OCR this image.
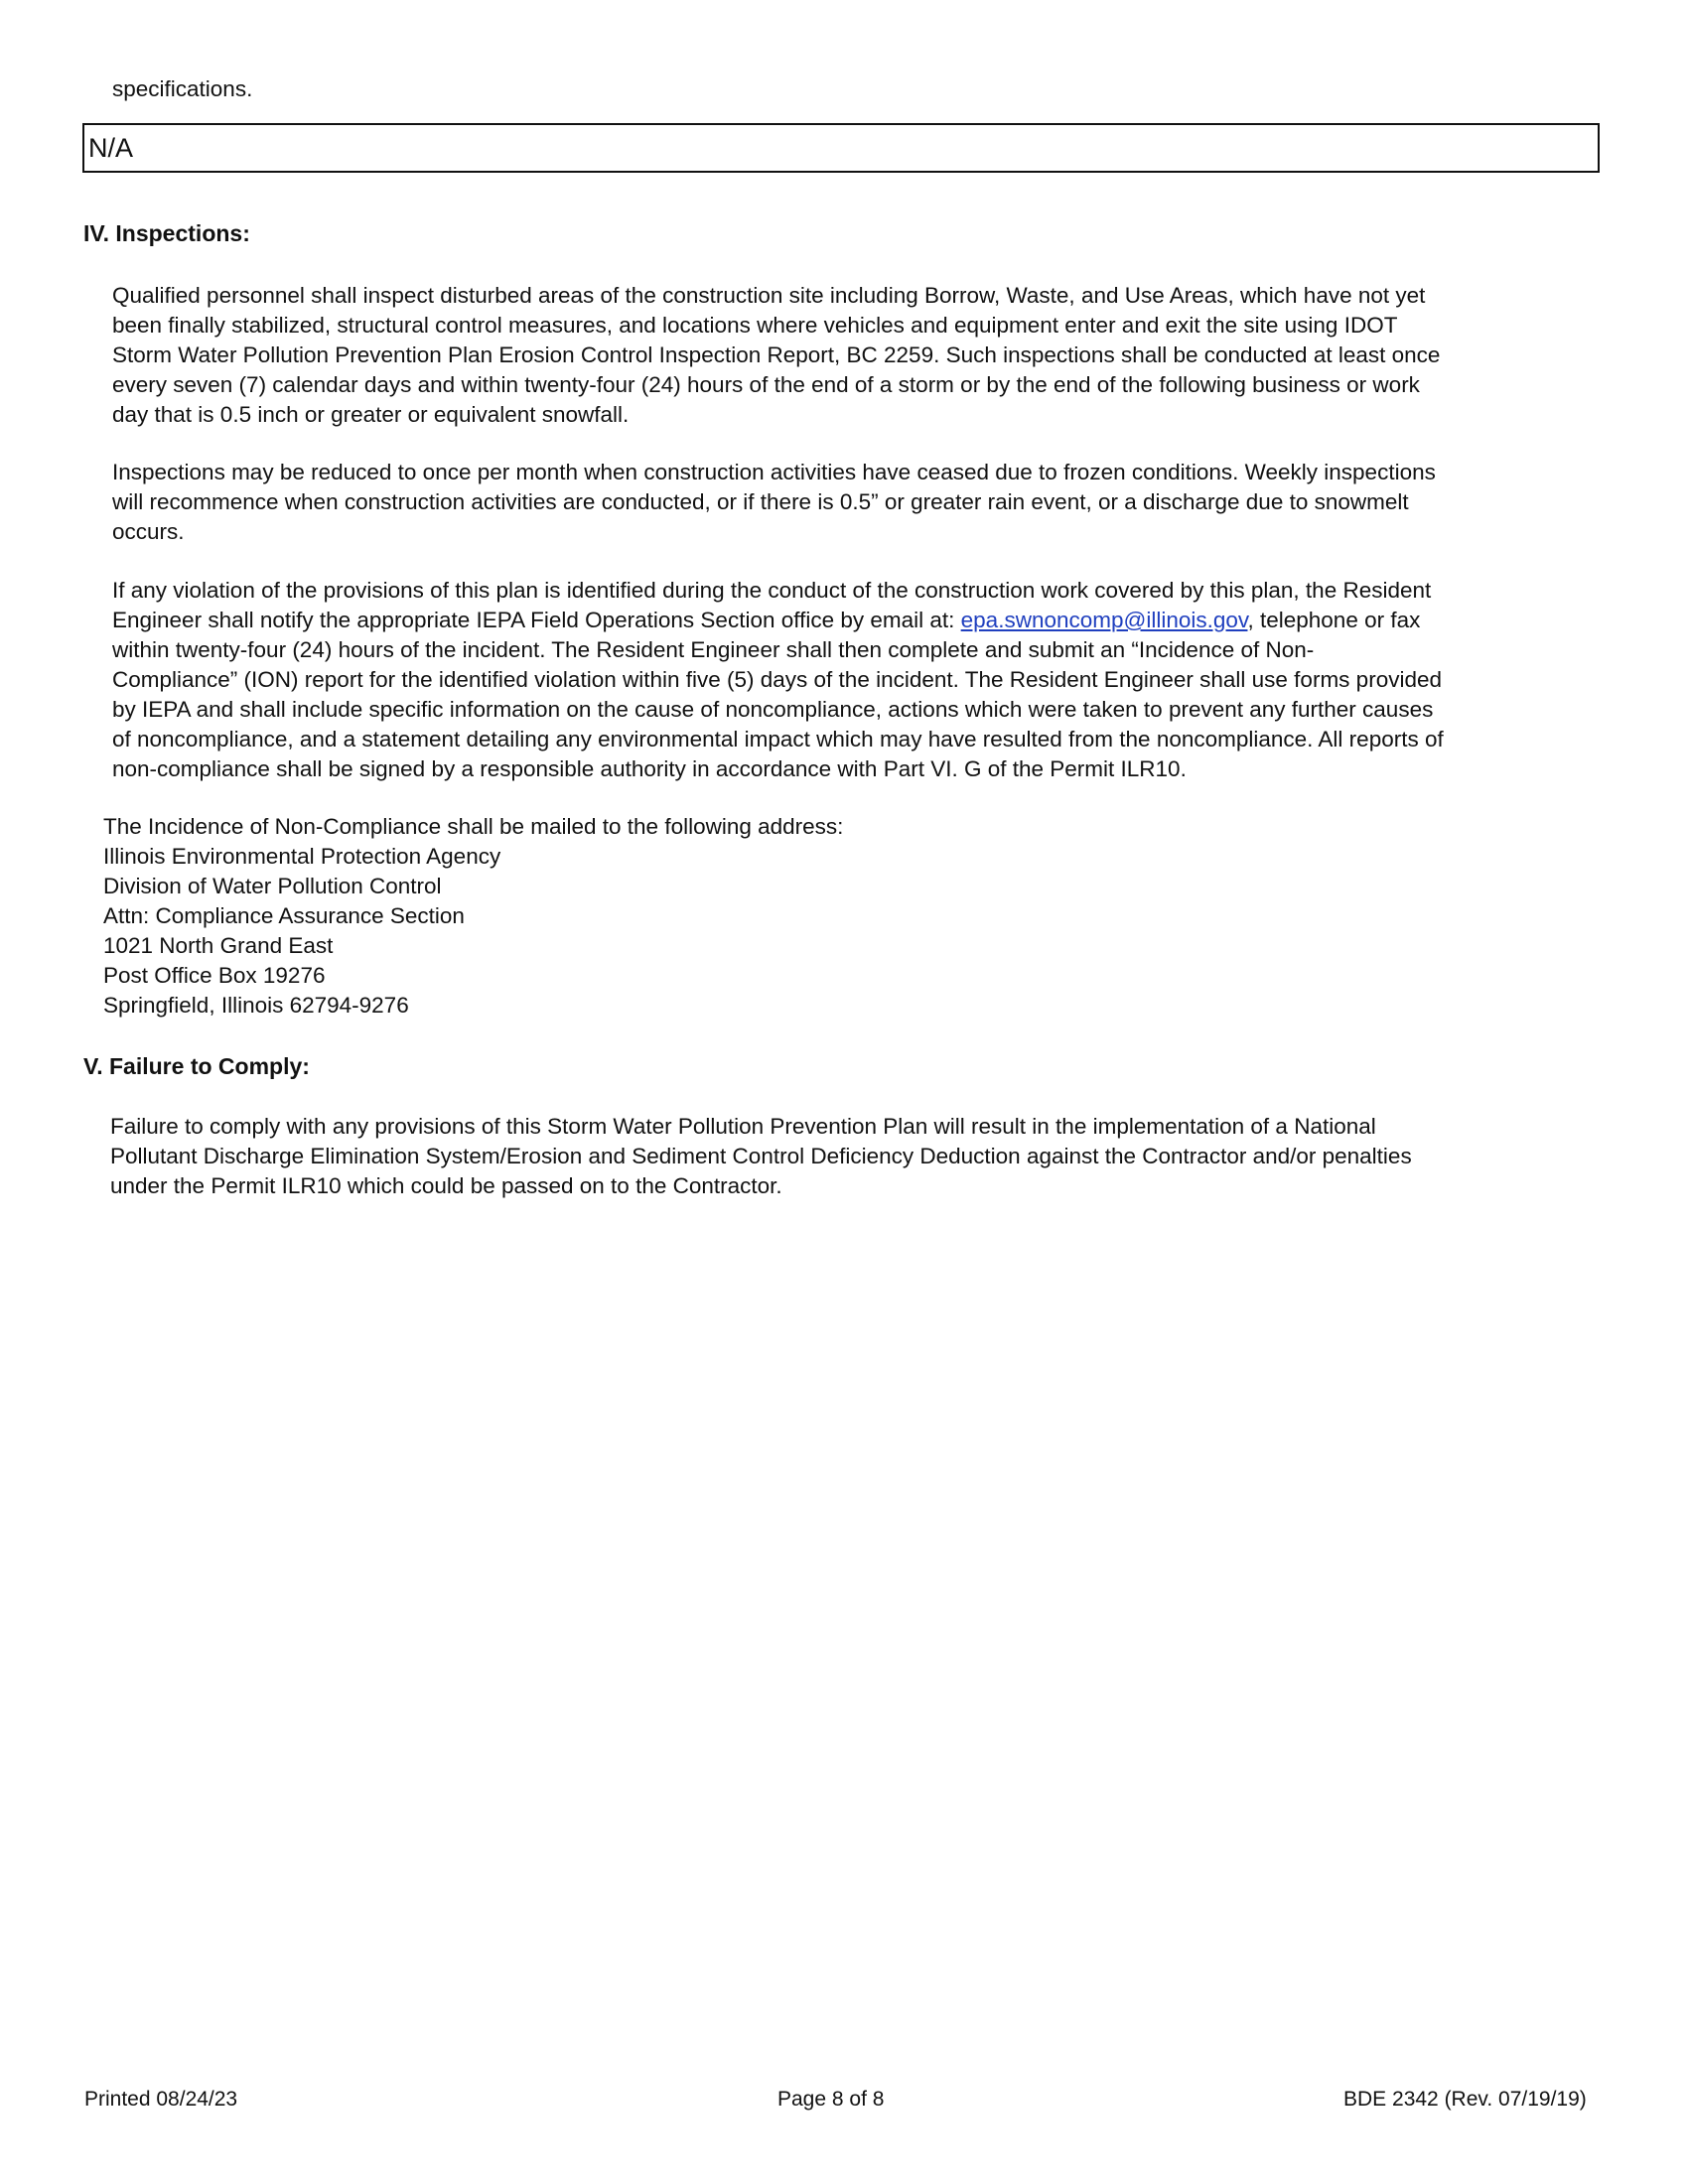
specifications.
N/A
IV. Inspections:
Qualified personnel shall inspect disturbed areas of the construction site including Borrow, Waste, and Use Areas, which have not yet
been finally stabilized, structural control measures, and locations where vehicles and equipment enter and exit the site using IDOT
Storm Water Pollution Prevention Plan Erosion Control Inspection Report, BC 2259. Such inspections shall be conducted at least once
every seven (7) calendar days and within twenty-four (24) hours of the end of a storm or by the end of the following business or work
day that is 0.5 inch or greater or equivalent snowfall.
Inspections may be reduced to once per month when construction activities have ceased due to frozen conditions. Weekly inspections
will recommence when construction activities are conducted, or if there is 0.5” or greater rain event, or a discharge due to snowmelt
occurs.
If any violation of the provisions of this plan is identified during the conduct of the construction work covered by this plan, the Resident
Engineer shall notify the appropriate IEPA Field Operations Section office by email at: epa.swnoncomp@illinois.gov, telephone or fax
within twenty-four (24) hours of the incident. The Resident Engineer shall then complete and submit an “Incidence of Non-
Compliance” (ION) report for the identified violation within five (5) days of the incident. The Resident Engineer shall use forms provided
by IEPA and shall include specific information on the cause of noncompliance, actions which were taken to prevent any further causes
of noncompliance, and a statement detailing any environmental impact which may have resulted from the noncompliance. All reports of
non-compliance shall be signed by a responsible authority in accordance with Part VI. G of the Permit ILR10.
The Incidence of Non-Compliance shall be mailed to the following address:
Illinois Environmental Protection Agency
Division of Water Pollution Control
Attn: Compliance Assurance Section
1021 North Grand East
Post Office Box 19276
Springfield, Illinois 62794-9276
V. Failure to Comply:
Failure to comply with any provisions of this Storm Water Pollution Prevention Plan will result in the implementation of a National
Pollutant Discharge Elimination System/Erosion and Sediment Control Deficiency Deduction against the Contractor and/or penalties
under the Permit ILR10 which could be passed on to the Contractor.
Printed 08/24/23	Page 8 of 8	BDE 2342 (Rev. 07/19/19)
